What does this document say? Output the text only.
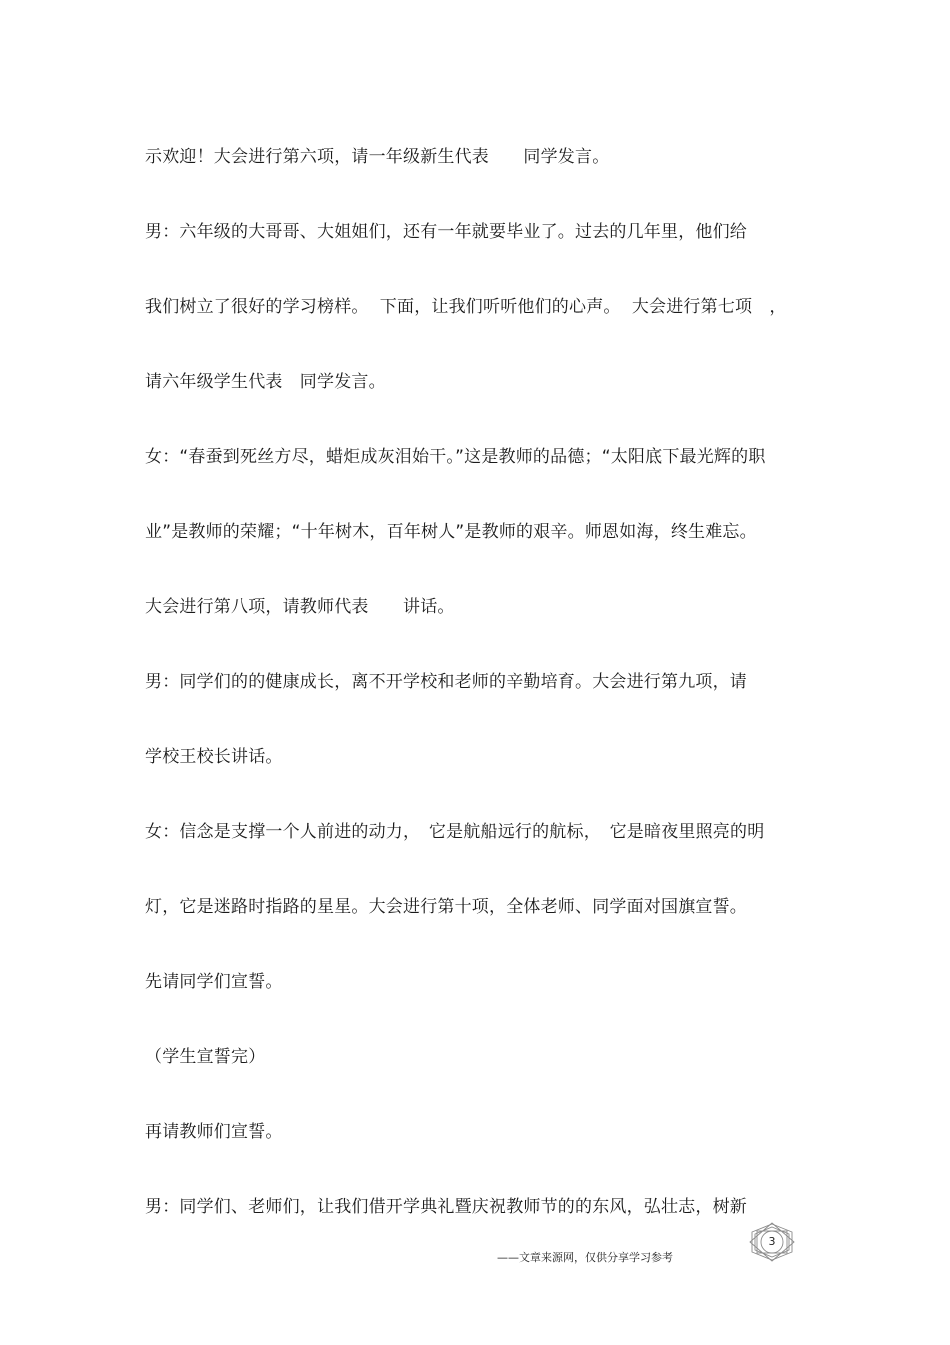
示欢迎！大会进行第六项，请一年级新生代表　　同学发言。
男：六年级的大哥哥、大姐姐们，还有一年就要毕业了。过去的几年里，他们给
我们树立了很好的学习榜样。  下面，让我们听听他们的心声。  大会进行第七项　，
请六年级学生代表　同学发言。
女：“春蚕到死丝方尽，蜡炬成灰泪始干。”这是教师的品德；“太阳底下最光辉的职
业”是教师的荣耀；“十年树木，百年树人”是教师的艰辛。师恩如海，终生难忘。
大会进行第八项，请教师代表　　讲话。
男：同学们的的健康成长，离不开学校和老师的辛勤培育。大会进行第九项，请
学校王校长讲话。
女：信念是支撑一个人前进的动力，　它是航船远行的航标，　它是暗夜里照亮的明
灯，它是迷路时指路的星星。大会进行第十项，全体老师、同学面对国旗宣誓。
先请同学们宣誓。
（学生宣誓完）
再请教师们宣誓。
男：同学们、老师们，让我们借开学典礼暨庆祝教师节的的东风，弘壮志，树新
3
——文章来源网，仅供分享学习参考
